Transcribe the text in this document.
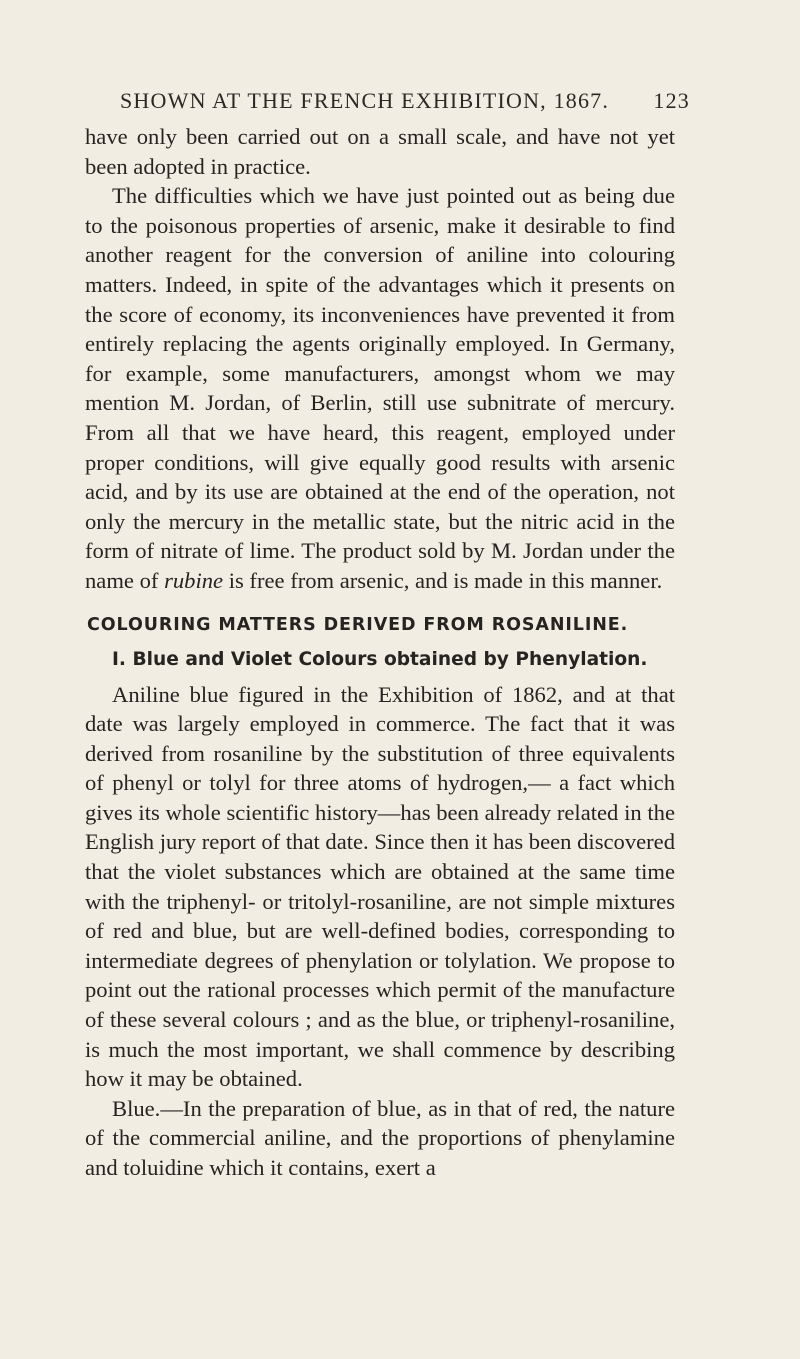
SHOWN AT THE FRENCH EXHIBITION, 1867. 123

have only been carried out on a small scale, and have not yet been adopted in practice.

The difficulties which we have just pointed out as being due to the poisonous properties of arsenic, make it desirable to find another reagent for the conversion of aniline into colouring matters. Indeed, in spite of the advantages which it presents on the score of economy, its inconveniences have prevented it from entirely replacing the agents originally employed. In Germany, for example, some manufacturers, amongst whom we may mention M. Jordan, of Berlin, still use subnitrate of mercury. From all that we have heard, this reagent, employed under proper conditions, will give equally good results with arsenic acid, and by its use are obtained at the end of the operation, not only the mercury in the metallic state, but the nitric acid in the form of nitrate of lime. The product sold by M. Jordan under the name of rubine is free from arsenic, and is made in this manner.

COLOURING MATTERS DERIVED FROM ROSANILINE.

I. Blue and Violet Colours obtained by Phenylation.

Aniline blue figured in the Exhibition of 1862, and at that date was largely employed in commerce. The fact that it was derived from rosaniline by the substitution of three equivalents of phenyl or tolyl for three atoms of hydrogen,— a fact which gives its whole scientific history—has been already related in the English jury report of that date. Since then it has been discovered that the violet substances which are obtained at the same time with the triphenyl- or tritolyl-rosaniline, are not simple mixtures of red and blue, but are well-defined bodies, corresponding to intermediate degrees of phenylation or tolylation. We propose to point out the rational processes which permit of the manufacture of these several colours ; and as the blue, or triphenyl-rosaniline, is much the most important, we shall commence by describing how it may be obtained.

Blue.—In the preparation of blue, as in that of red, the nature of the commercial aniline, and the proportions of phenylamine and toluidine which it contains, exert a
